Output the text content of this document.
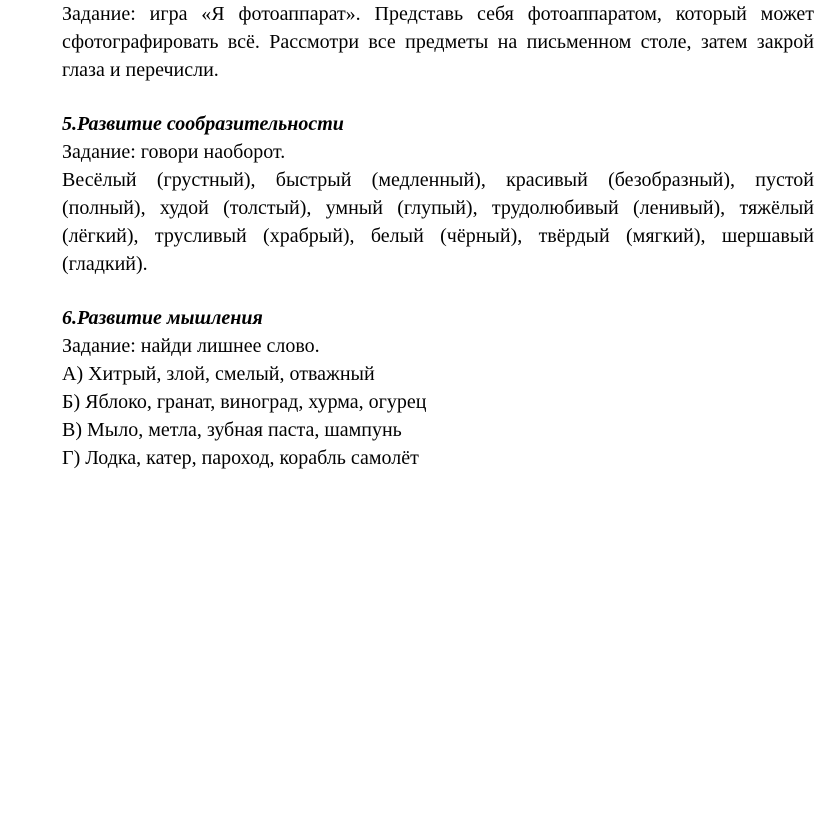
Задание: игра «Я фотоаппарат». Представь себя фотоаппаратом, который может
сфотографировать всё. Рассмотри все предметы на письменном столе, затем закрой
глаза и перечисли.
5.Развитие сообразительности
Задание: говори наоборот.
Весёлый (грустный), быстрый (медленный), красивый (безобразный), пустой
(полный), худой (толстый), умный (глупый), трудолюбивый (ленивый), тяжёлый
(лёгкий), трусливый (храбрый), белый (чёрный), твёрдый (мягкий), шершавый
(гладкий).
6.Развитие мышления
Задание: найди лишнее слово.
А) Хитрый, злой, смелый, отважный
Б) Яблоко, гранат, виноград, хурма, огурец
В) Мыло, метла, зубная паста, шампунь
Г) Лодка, катер, пароход, корабль самолёт
